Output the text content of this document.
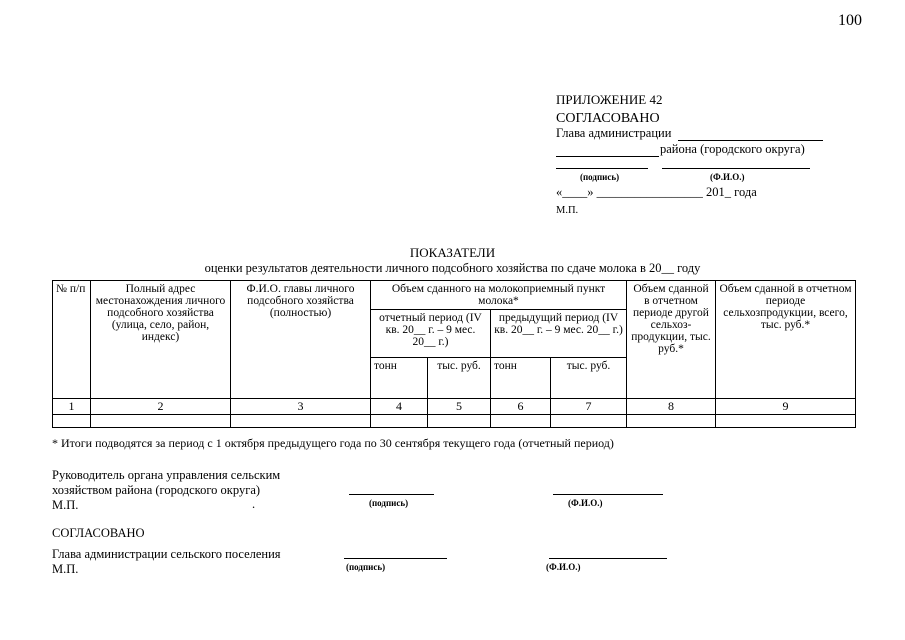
100
ПРИЛОЖЕНИЕ 42
СОГЛАСОВАНО
Глава администрации
района (городского округа)
(подпись)	(Ф.И.О.)
«____» _________________ 201_ года
М.П.
ПОКАЗАТЕЛИ
оценки результатов деятельности личного подсобного хозяйства по сдаче молока в 20__ году
№ п/п	Полный адрес местонахождения личного подсобного хозяйства (улица, село, район, индекс)	Ф.И.О. главы личного подсобного хозяйства (полностью)	Объем сданного на молокоприемный пункт молока*				Объем сданной в отчетном периоде другой сельхоз-продукции, тыс. руб.*	Объем сданной в отчетном периоде сельхозпродукции, всего, тыс. руб.*
			отчетный период (IV кв. 20__ г. – 9 мес. 20__ г.)		предыдущий период (IV кв. 20__ г. – 9 мес. 20__ г.)			
			тонн	тыс. руб.	тонн	тыс. руб.		
1	2	3	4	5	6	7	8	9

* Итоги подводятся за период с 1 октября предыдущего года по 30 сентября текущего года (отчетный период)
Руководитель органа управления сельским
хозяйством района (городского округа)
М.П.	.	(подпись)	(Ф.И.О.)
СОГЛАСОВАНО
Глава администрации сельского поселения
М.П.	(подпись)	(Ф.И.О.)
